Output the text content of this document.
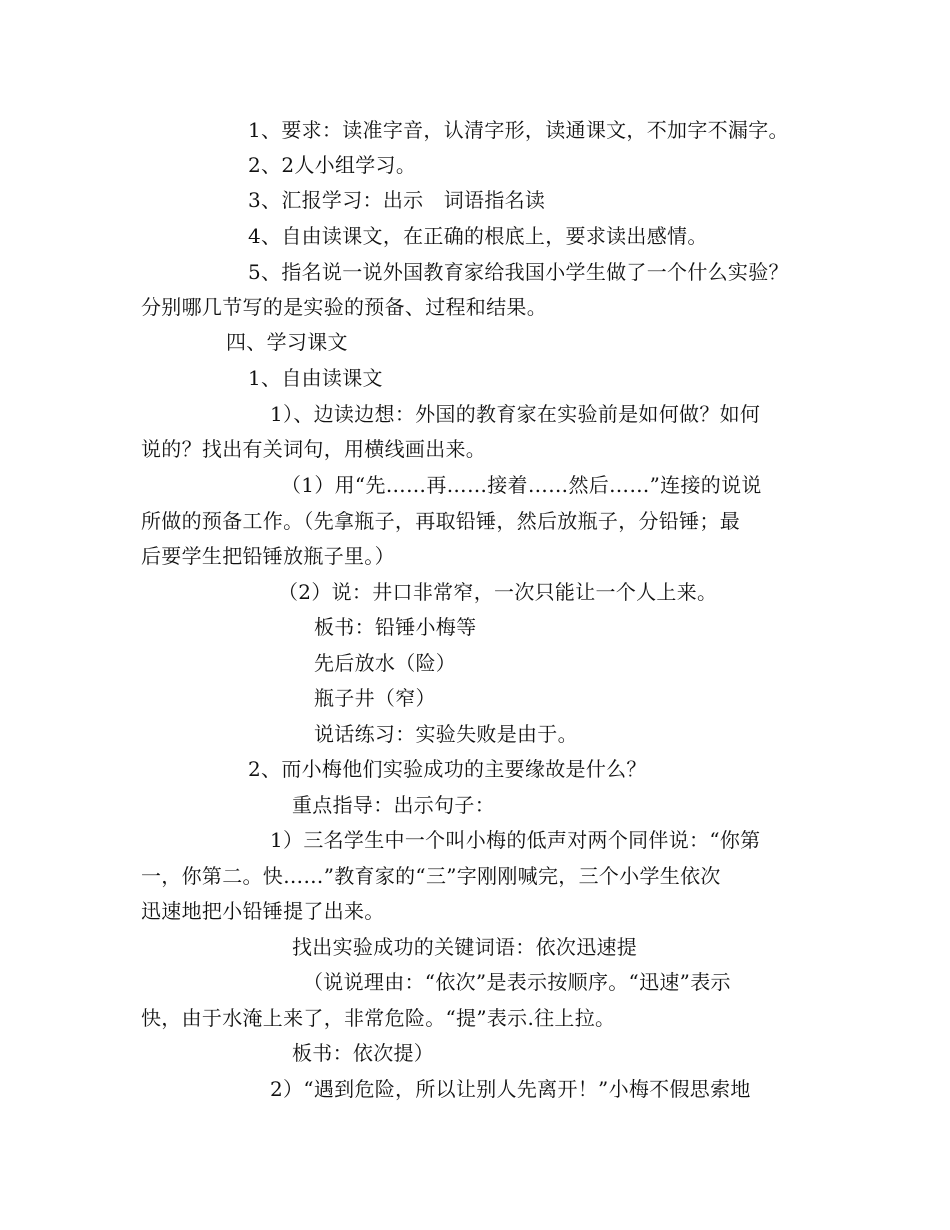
1、要求：读准字音，认清字形，读通课文，不加字不漏字。
2、2人小组学习。
3、汇报学习：出示　词语指名读
4、自由读课文，在正确的根底上，要求读出感情。
5、指名说一说外国教育家给我国小学生做了一个什么实验？
分别哪几节写的是实验的预备、过程和结果。
四、学习课文
1、自由读课文
1）、边读边想：外国的教育家在实验前是如何做？如何
说的？找出有关词句，用横线画出来。
（1）用“先……再……接着……然后……”连接的说说
所做的预备工作。（先拿瓶子，再取铅锤，然后放瓶子，分铅锤；最
后要学生把铅锤放瓶子里。）
（2）说：井口非常窄，一次只能让一个人上来。
板书：铅锤小梅等
先后放水（险）
瓶子井（窄）
说话练习：实验失败是由于。
2、而小梅他们实验成功的主要缘故是什么？
重点指导：出示句子：
1）三名学生中一个叫小梅的低声对两个同伴说：“你第
一，你第二。快……”教育家的“三”字刚刚喊完，三个小学生依次
迅速地把小铅锤提了出来。
找出实验成功的关键词语：依次迅速提
（说说理由：“依次”是表示按顺序。“迅速”表示
快，由于水淹上来了，非常危险。“提”表示.往上拉。
板书：依次提）
2）“遇到危险，所以让别人先离开！”小梅不假思索地
